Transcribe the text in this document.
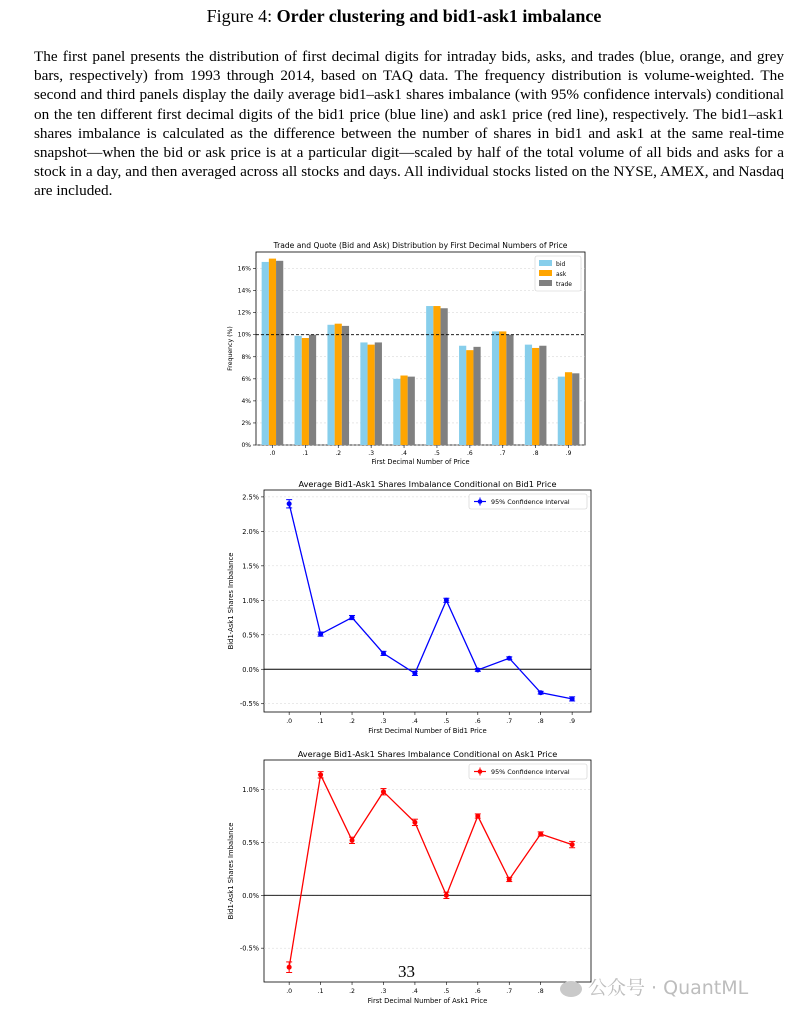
Figure 4: Order clustering and bid1-ask1 imbalance
The first panel presents the distribution of first decimal digits for intraday bids, asks, and trades (blue, orange, and grey bars, respectively) from 1993 through 2014, based on TAQ data. The frequency distribution is volume-weighted. The second and third panels display the daily average bid1–ask1 shares imbalance (with 95% confidence intervals) conditional on the ten different first decimal digits of the bid1 price (blue line) and ask1 price (red line), respectively. The bid1–ask1 shares imbalance is calculated as the difference between the number of shares in bid1 and ask1 at the same real-time snapshot—when the bid or ask price is at a particular digit—scaled by half of the total volume of all bids and asks for a stock in a day, and then averaged across all stocks and days. All individual stocks listed on the NYSE, AMEX, and Nasdaq are included.
Trade and Quote (Bid and Ask) Distribution by First Decimal Numbers of Price
0%
2%
4%
6%
8%
10%
12%
14%
16%
.0	.1	.2	.3	.4	.5	.6	.7	.8	.9
First Decimal Number of Price
Frequency (%)
bid
ask
trade
Average Bid1-Ask1 Shares Imbalance Conditional on Bid1 Price
-0.5%
0.0%
0.5%
1.0%
1.5%
2.0%
2.5%
.0	.1	.2	.3	.4	.5	.6	.7	.8	.9
First Decimal Number of Bid1 Price
Bid1-Ask1 Shares Imbalance
95% Confidence Interval
Average Bid1-Ask1 Shares Imbalance Conditional on Ask1 Price
-0.5%
0.0%
0.5%
1.0%
.0	.1	.2	.3	.4	.5	.6	.7	.8
First Decimal Number of Ask1 Price
Bid1-Ask1 Shares Imbalance
95% Confidence Interval
33
公众号 · QuantML
